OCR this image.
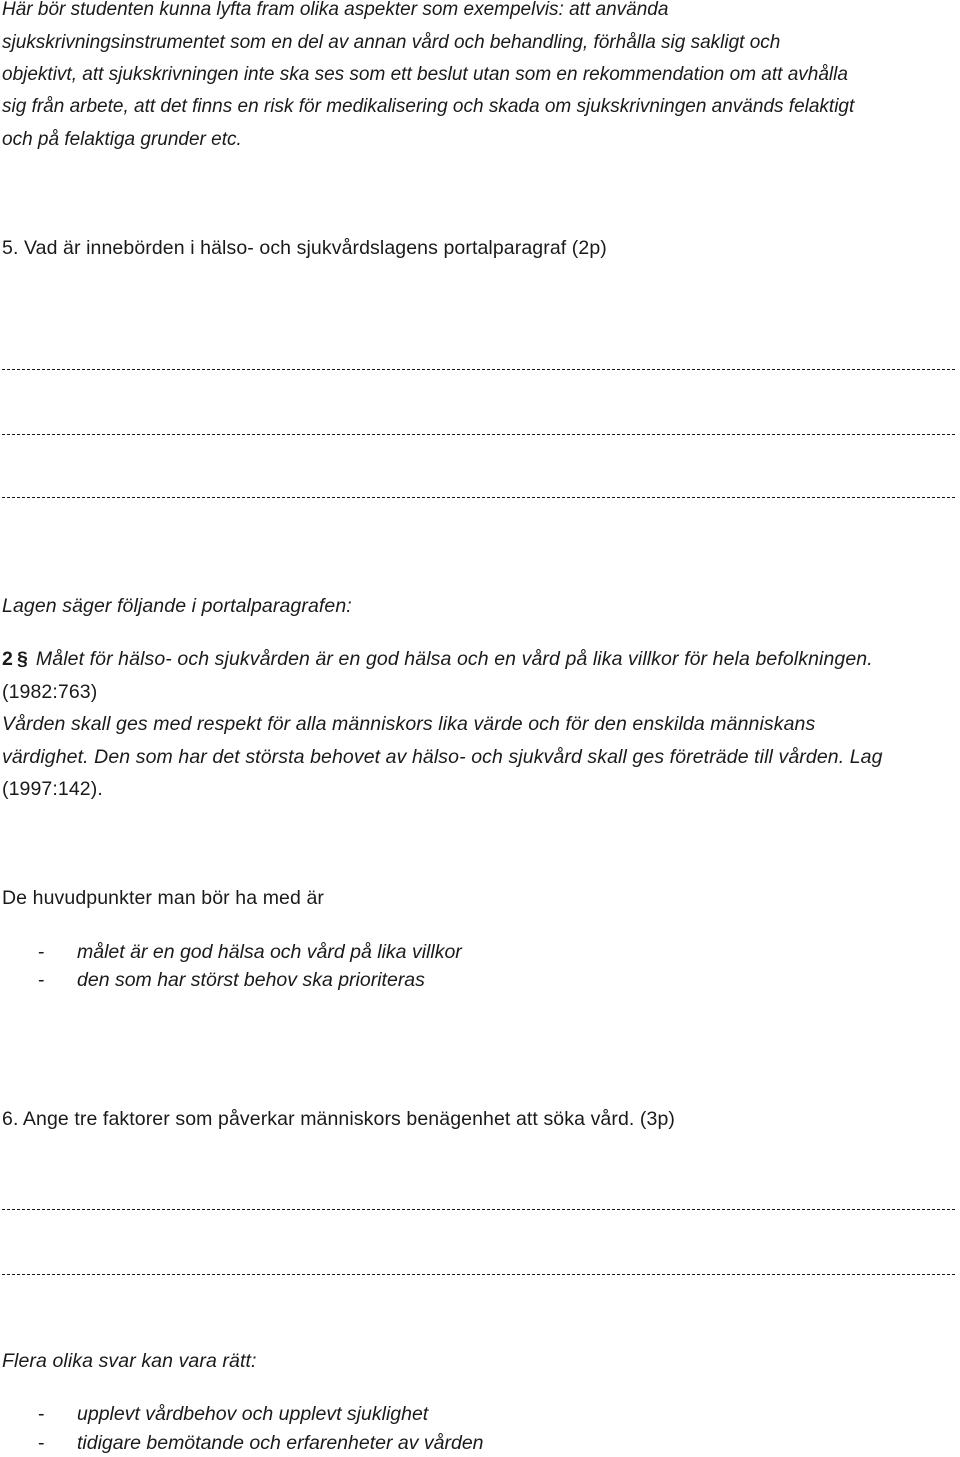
Här bör studenten kunna lyfta fram olika aspekter som exempelvis: att använda
sjukskrivningsinstrumentet som en del av annan vård och behandling, förhålla sig sakligt och
objektivt, att sjukskrivningen inte ska ses som ett beslut utan som en rekommendation om att avhålla
sig från arbete, att det finns en risk för medikalisering och skada om sjukskrivningen används felaktigt
och på felaktiga grunder etc.
5. Vad är innebörden i hälso- och sjukvårdslagens portalparagraf (2p)
Lagen säger följande i portalparagrafen:
2 § Målet för hälso- och sjukvården är en god hälsa och en vård på lika villkor för hela befolkningen.
(1982:763)
Vården skall ges med respekt för alla människors lika värde och för den enskilda människans
värdighet. Den som har det största behovet av hälso- och sjukvård skall ges företräde till vården. Lag
(1997:142).
De huvudpunkter man bör ha med är
- målet är en god hälsa och vård på lika villkor
- den som har störst behov ska prioriteras
6. Ange tre faktorer som påverkar människors benägenhet att söka vård. (3p)
Flera olika svar kan vara rätt:
- upplevt vårdbehov och upplevt sjuklighet
- tidigare bemötande och erfarenheter av vården
